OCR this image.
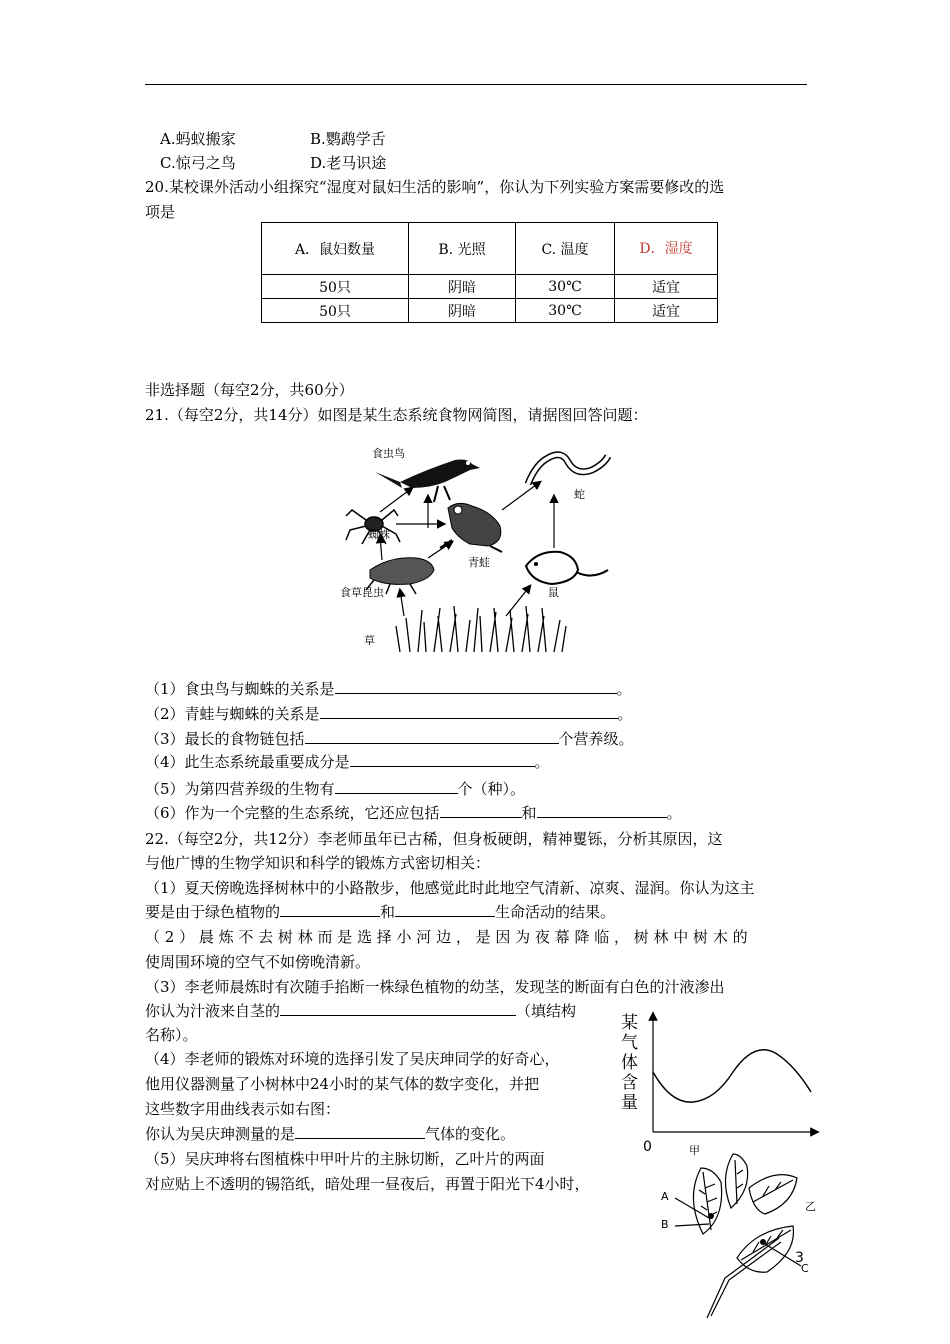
A.蚂蚁搬家	B.鹦鹉学舌
C.惊弓之鸟	D.老马识途
20.某校课外活动小组探究“湿度对鼠妇生活的影响”，你认为下列实验方案需要修改的选
项是
A．鼠妇数量	B. 光照	C. 温度	D．湿度
50只	阴暗	30℃	适宜
50只	阴暗	30℃	适宜
非选择题（每空2分，共60分）
21.（每空2分，共14分）如图是某生态系统食物网简图，请据图回答问题：
食虫鸟
蛇
蜘蛛
青蛙
食草昆虫	鼠
草
（1）食虫鸟与蜘蛛的关系是	。
（2）青蛙与蜘蛛的关系是	。
（3）最长的食物链包括	个营养级。
（4）此生态系统最重要成分是	。
（5）为第四营养级的生物有	个（种）。
（6）作为一个完整的生态系统，它还应包括	和	。
22.（每空2分，共12分）李老师虽年已古稀，但身板硬朗，精神矍铄，分析其原因，这
与他广博的生物学知识和科学的锻炼方式密切相关：
（1）夏天傍晚选择树林中的小路散步，他感觉此时此地空气清新、凉爽、湿润。你认为这主
要是由于绿色植物的	和	生命活动的结果。
（ 2 ） 晨 炼 不 去 树 林 而 是 选 择 小 河 边 ， 是 因 为 夜 幕 降 临 ， 树 林 中 树 木 的
使周围环境的空气不如傍晚清新。
（3）李老师晨炼时有次随手掐断一株绿色植物的幼茎，发现茎的断面有白色的汁液渗出
你认为汁液来自茎的	（填结构
名称）。
（4）李老师的锻炼对环境的选择引发了吴庆珅同学的好奇心，
他用仪器测量了小树林中24小时的某气体的数字变化，并把
这些数字用曲线表示如右图：
你认为吴庆珅测量的是	气体的变化。
（5）吴庆珅将右图植株中甲叶片的主脉切断，乙叶片的两面
对应贴上不透明的锡箔纸，暗处理一昼夜后，再置于阳光下4小时，
某
气
体
含
量
0	甲
乙
A
B
C
3
